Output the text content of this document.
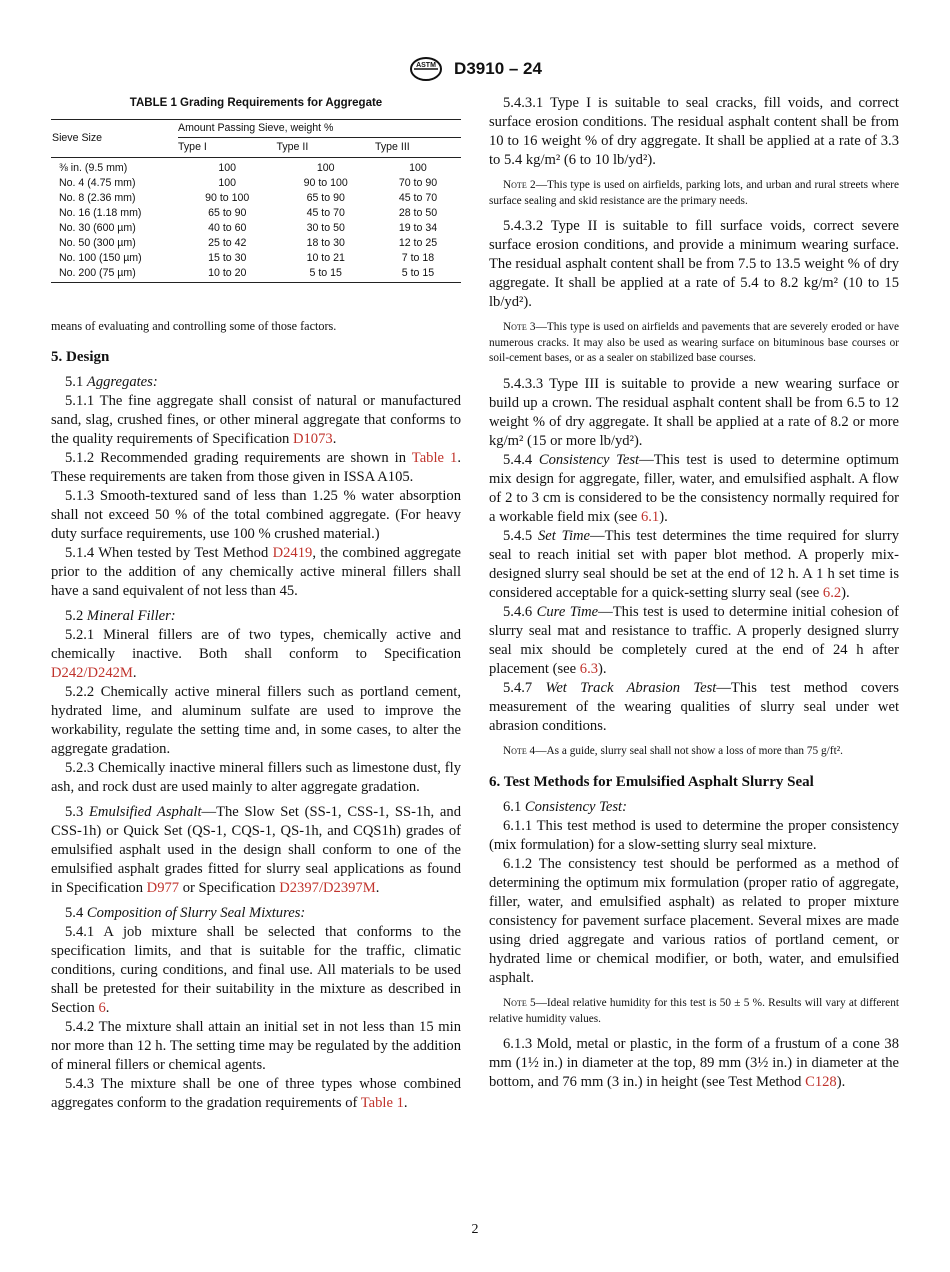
ASTM D3910 – 24
TABLE 1 Grading Requirements for Aggregate
Sieve Size	Amount Passing Sieve, weight %		
	Type I	Type II	Type III

⅜ in. (9.5 mm)	100	100	100
No. 4 (4.75 mm)	100	90 to 100	70 to 90
No. 8 (2.36 mm)	90 to 100	65 to 90	45 to 70
No. 16 (1.18 mm)	65 to 90	45 to 70	28 to 50
No. 30 (600 µm)	40 to 60	30 to 50	19 to 34
No. 50 (300 µm)	25 to 42	18 to 30	12 to 25
No. 100 (150 µm)	15 to 30	10 to 21	7 to 18
No. 200 (75 µm)	10 to 20	5 to 15	5 to 15

means of evaluating and controlling some of those factors.

5. Design

5.1 Aggregates:

5.1.1 The fine aggregate shall consist of natural or manufactured sand, slag, crushed fines, or other mineral aggregate that conforms to the quality requirements of Specification D1073.

5.1.2 Recommended grading requirements are shown in Table 1. These requirements are taken from those given in ISSA A105.

5.1.3 Smooth-textured sand of less than 1.25 % water absorption shall not exceed 50 % of the total combined aggregate. (For heavy duty surface requirements, use 100 % crushed material.)

5.1.4 When tested by Test Method D2419, the combined aggregate prior to the addition of any chemically active mineral fillers shall have a sand equivalent of not less than 45.

5.2 Mineral Filler:

5.2.1 Mineral fillers are of two types, chemically active and chemically inactive. Both shall conform to Specification D242/D242M.

5.2.2 Chemically active mineral fillers such as portland cement, hydrated lime, and aluminum sulfate are used to improve the workability, regulate the setting time and, in some cases, to alter the aggregate gradation.

5.2.3 Chemically inactive mineral fillers such as limestone dust, fly ash, and rock dust are used mainly to alter aggregate gradation.

5.3 Emulsified Asphalt—The Slow Set (SS-1, CSS-1, SS-1h, and CSS-1h) or Quick Set (QS-1, CQS-1, QS-1h, and CQS1h) grades of emulsified asphalt used in the design shall conform to one of the emulsified asphalt grades fitted for slurry seal applications as found in Specification D977 or Specification D2397/D2397M.

5.4 Composition of Slurry Seal Mixtures:

5.4.1 A job mixture shall be selected that conforms to the specification limits, and that is suitable for the traffic, climatic conditions, curing conditions, and final use. All materials to be used shall be pretested for their suitability in the mixture as described in Section 6.

5.4.2 The mixture shall attain an initial set in not less than 15 min nor more than 12 h. The setting time may be regulated by the addition of mineral fillers or chemical agents.

5.4.3 The mixture shall be one of three types whose combined aggregates conform to the gradation requirements of Table 1.

5.4.3.1 Type I is suitable to seal cracks, fill voids, and correct surface erosion conditions. The residual asphalt content shall be from 10 to 16 weight % of dry aggregate. It shall be applied at a rate of 3.3 to 5.4 kg/m² (6 to 10 lb/yd²).

Note 2—This type is used on airfields, parking lots, and urban and rural streets where surface sealing and skid resistance are the primary needs.

5.4.3.2 Type II is suitable to fill surface voids, correct severe surface erosion conditions, and provide a minimum wearing surface. The residual asphalt content shall be from 7.5 to 13.5 weight % of dry aggregate. It shall be applied at a rate of 5.4 to 8.2 kg/m² (10 to 15 lb/yd²).

Note 3—This type is used on airfields and pavements that are severely eroded or have numerous cracks. It may also be used as wearing surface on bituminous base courses or soil-cement bases, or as a sealer on stabilized base courses.

5.4.3.3 Type III is suitable to provide a new wearing surface or build up a crown. The residual asphalt content shall be from 6.5 to 12 weight % of dry aggregate. It shall be applied at a rate of 8.2 or more kg/m² (15 or more lb/yd²).

5.4.4 Consistency Test—This test is used to determine optimum mix design for aggregate, filler, water, and emulsified asphalt. A flow of 2 to 3 cm is considered to be the consistency normally required for a workable field mix (see 6.1).

5.4.5 Set Time—This test determines the time required for slurry seal to reach initial set with paper blot method. A properly mix-designed slurry seal should be set at the end of 12 h. A 1 h set time is considered acceptable for a quick-setting slurry seal (see 6.2).

5.4.6 Cure Time—This test is used to determine initial cohesion of slurry seal mat and resistance to traffic. A properly designed slurry seal mix should be completely cured at the end of 24 h after placement (see 6.3).

5.4.7 Wet Track Abrasion Test—This test method covers measurement of the wearing qualities of slurry seal under wet abrasion conditions.

Note 4—As a guide, slurry seal shall not show a loss of more than 75 g/ft².

6. Test Methods for Emulsified Asphalt Slurry Seal

6.1 Consistency Test:

6.1.1 This test method is used to determine the proper consistency (mix formulation) for a slow-setting slurry seal mixture.

6.1.2 The consistency test should be performed as a method of determining the optimum mix formulation (proper ratio of aggregate, filler, water, and emulsified asphalt) as related to proper mixture consistency for pavement surface placement. Several mixes are made using dried aggregate and various ratios of portland cement, or hydrated lime or chemical modifier, or both, water, and emulsified asphalt.

Note 5—Ideal relative humidity for this test is 50 ± 5 %. Results will vary at different relative humidity values.

6.1.3 Mold, metal or plastic, in the form of a frustum of a cone 38 mm (1½ in.) in diameter at the top, 89 mm (3½ in.) in diameter at the bottom, and 76 mm (3 in.) in height (see Test Method C128).

2
